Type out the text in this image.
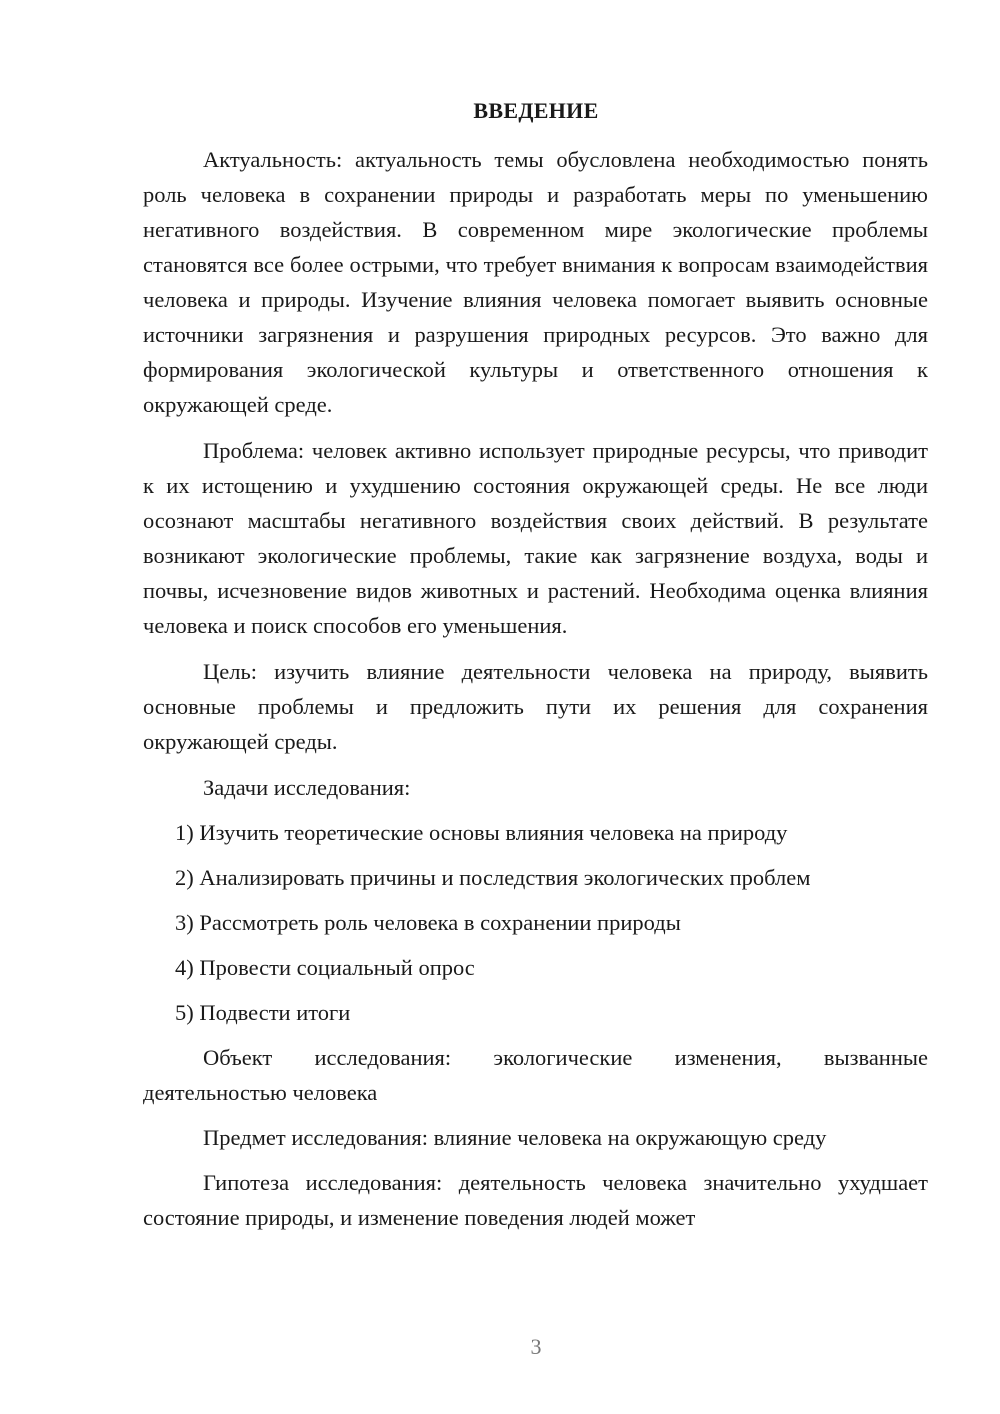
ВВЕДЕНИЕ

Актуальность: актуальность темы обусловлена необходимостью понять роль человека в сохранении природы и разработать меры по уменьшению негативного воздействия. В современном мире экологические проблемы становятся все более острыми, что требует внимания к вопросам взаимодействия человека и природы. Изучение влияния человека помогает выявить основные источники загрязнения и разрушения природных ресурсов. Это важно для формирования экологической культуры и ответственного отношения к окружающей среде.

Проблема: человек активно использует природные ресурсы, что приводит к их истощению и ухудшению состояния окружающей среды. Не все люди осознают масштабы негативного воздействия своих действий. В результате возникают экологические проблемы, такие как загрязнение воздуха, воды и почвы, исчезновение видов животных и растений. Необходима оценка влияния человека и поиск способов его уменьшения.

Цель: изучить влияние деятельности человека на природу, выявить основные проблемы и предложить пути их решения для сохранения окружающей среды.

Задачи исследования:

1) Изучить теоретические основы влияния человека на природу
2) Анализировать причины и последствия экологических проблем
3) Рассмотреть роль человека в сохранении природы
4) Провести социальный опрос
5) Подвести итоги

Объект исследования: экологические изменения, вызванные деятельностью человека

Предмет исследования: влияние человека на окружающую среду

Гипотеза исследования: деятельность человека значительно ухудшает состояние природы, и изменение поведения людей может

3
